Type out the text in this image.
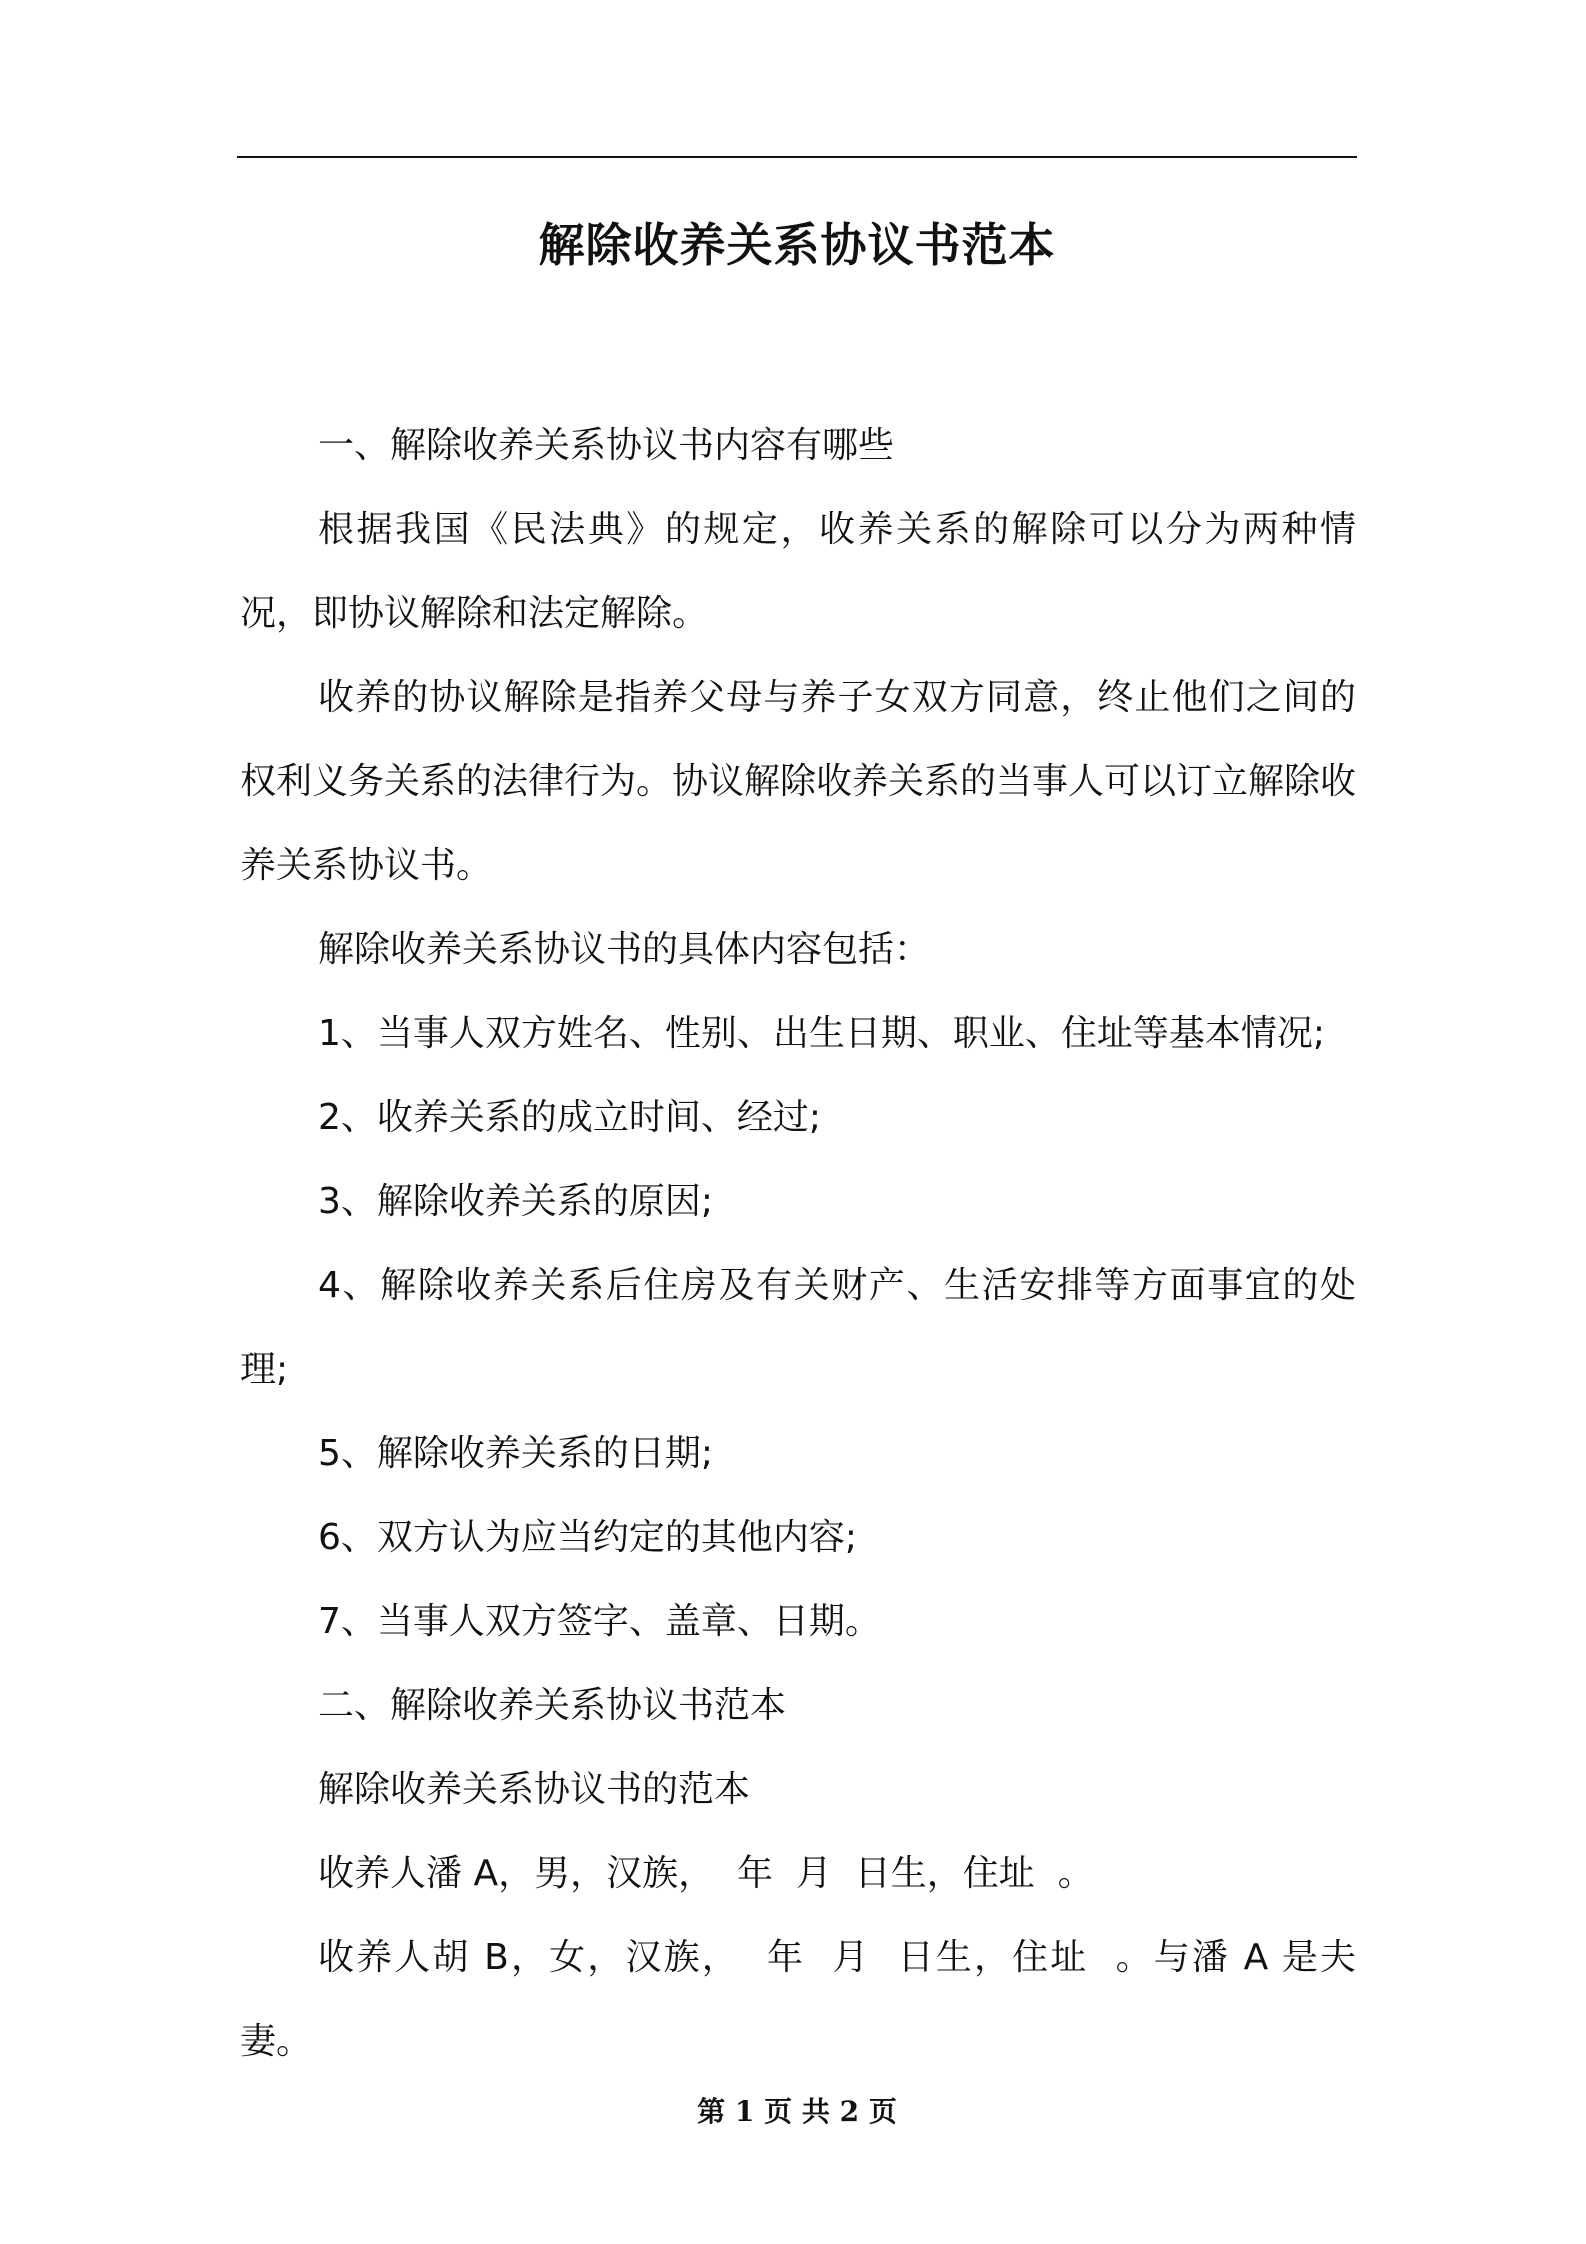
解除收养关系协议书范本

一、解除收养关系协议书内容有哪些

根据我国《民法典》的规定，收养关系的解除可以分为两种情况，即协议解除和法定解除。

收养的协议解除是指养父母与养子女双方同意，终止他们之间的权利义务关系的法律行为。协议解除收养关系的当事人可以订立解除收养关系协议书。

解除收养关系协议书的具体内容包括：

1、当事人双方姓名、性别、出生日期、职业、住址等基本情况;

2、收养关系的成立时间、经过;

3、解除收养关系的原因;

4、解除收养关系后住房及有关财产、生活安排等方面事宜的处理;

5、解除收养关系的日期;

6、双方认为应当约定的其他内容;

7、当事人双方签字、盖章、日期。

二、解除收养关系协议书范本

解除收养关系协议书的范本

收养人潘 A，男，汉族，  年  月  日生，住址  。

收养人胡 B，女，汉族，  年  月  日生，住址  。与潘 A 是夫妻。

第 1 页 共 2 页
